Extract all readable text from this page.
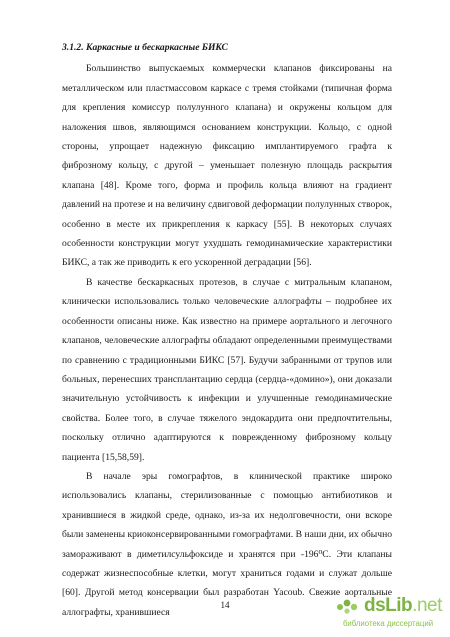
3.1.2. Каркасные и бескаркасные БИКС

Большинство выпускаемых коммерчески клапанов фиксированы на металлическом или пластмассовом каркасе с тремя стойками (типичная форма для крепления комиссур полулунного клапана) и окружены кольцом для наложения швов, являющимся основанием конструкции. Кольцо, с одной стороны, упрощает надежную фиксацию имплантируемого графта к фиброзному кольцу, с другой – уменьшает полезную площадь раскрытия клапана [48]. Кроме того, форма и профиль кольца влияют на градиент давлений на протезе и на величину сдвиговой деформации полулунных створок, особенно в месте их прикрепления к каркасу [55]. В некоторых случаях особенности конструкции могут ухудшать гемодинамические характеристики БИКС, а так же приводить к его ускоренной деградации [56].

В качестве бескаркасных протезов, в случае с митральным клапаном, клинически использовались только человеческие аллографты – подробнее их особенности описаны ниже. Как известно на примере аортального и легочного клапанов, человеческие аллографты обладают определенными преимуществами по сравнению с традиционными БИКС [57]. Будучи забранными от трупов или больных, перенесших трансплантацию сердца (сердца-«домино»), они доказали значительную устойчивость к инфекции и улучшенные гемодинамические свойства. Более того, в случае тяжелого эндокардита они предпочтительны, поскольку отлично адаптируются к поврежденному фиброзному кольцу пациента [15,58,59].

В начале эры гомографтов, в клинической практике широко использовались клапаны, стерилизованные с помощью антибиотиков и хранившиеся в жидкой среде, однако, из-за их недолговечности, они вскоре были заменены криоконсервированными гомографтами. В наши дни, их обычно замораживают в диметилсульфоксиде и хранятся при -196⁰С. Эти клапаны содержат жизнеспособные клетки, могут храниться годами и служат дольше [60]. Другой метод консервации был разработан Yacoub. Свежие аортальные аллографты, хранившиеся

14	dsLib.net
библиотека диссертаций
